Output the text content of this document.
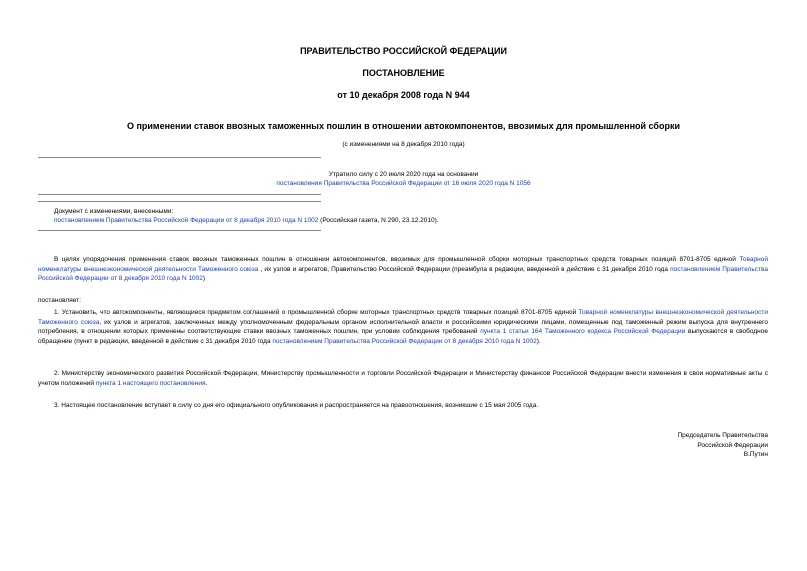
ПРАВИТЕЛЬСТВО РОССИЙСКОЙ ФЕДЕРАЦИИ
ПОСТАНОВЛЕНИЕ
от 10 декабря 2008 года N 944
О применении ставок ввозных таможенных пошлин в отношении автокомпонентов, ввозимых для промышленной сборки
(с изменениями на 8 декабря 2010 года)
Утратило силу с 20 июля 2020 года на основании
постановления Правительства Российской Федерации от 16 июля 2020 года N 1056
Документ с изменениями, внесенными:
постановлением Правительства Российской Федерации от 8 декабря 2010 года N 1002 (Российская газета, N 290, 23.12.2010).

В целях упорядочения применения ставок ввозных таможенных пошлин в отношении автокомпонентов, ввозимых для промышленной сборки моторных транспортных средств товарных позиций 8701-8705 единой Товарной номенклатуры внешнеэкономической деятельности Таможенного союза , их узлов и агрегатов, Правительство Российской Федерации (преамбула в редакции, введенной в действие с 31 декабря 2010 года постановлением Правительства Российской Федерации от 8 декабря 2010 года N 1002)

постановляет:

1. Установить, что автокомпоненты, являющиеся предметом соглашений о промышленной сборке моторных транспортных средств товарных позиций 8701-8705 единой Товарной номенклатуры внешнеэкономической деятельности Таможенного союза, их узлов и агрегатов, заключенных между уполномоченным федеральным органом исполнительной власти и российскими юридическими лицами, помещенные под таможенный режим выпуска для внутреннего потребления, в отношении которых применены соответствующие ставки ввозных таможенных пошлин, при условии соблюдения требований пункта 1 статьи 164 Таможенного кодекса Российской Федерации выпускаются в свободное обращение (пункт в редакции, введенной в действие с 31 декабря 2010 года постановлением Правительства Российской Федерации от 8 декабря 2010 года N 1002).

2. Министерству экономического развития Российской Федерации, Министерству промышленности и торговли Российской Федерации и Министерству финансов Российской Федерации внести изменения в свои нормативные акты с учетом положений пункта 1 настоящего постановления.

3. Настоящее постановление вступает в силу со дня его официального опубликования и распространяется на правоотношения, возникшие с 15 мая 2005 года.

Председатель Правительства
Российской Федерации
В.Путин
